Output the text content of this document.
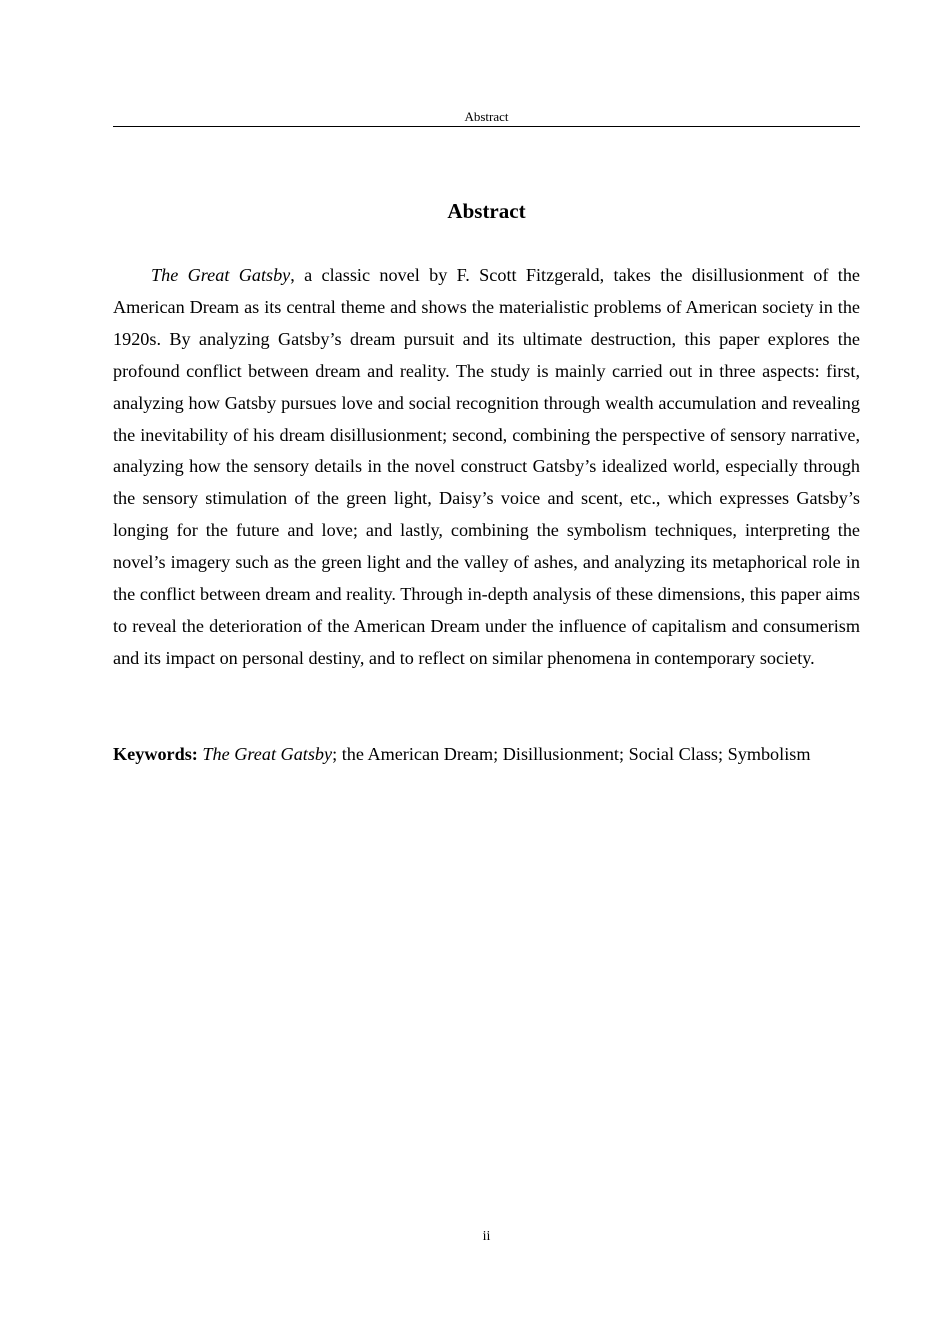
Abstract
Abstract

The Great Gatsby, a classic novel by F. Scott Fitzgerald, takes the disillusionment of the American Dream as its central theme and shows the materialistic problems of American society in the 1920s. By analyzing Gatsby’s dream pursuit and its ultimate destruction, this paper explores the profound conflict between dream and reality. The study is mainly carried out in three aspects: first, analyzing how Gatsby pursues love and social recognition through wealth accumulation and revealing the inevitability of his dream disillusionment; second, combining the perspective of sensory narrative, analyzing how the sensory details in the novel construct Gatsby’s idealized world, especially through the sensory stimulation of the green light, Daisy’s voice and scent, etc., which expresses Gatsby’s longing for the future and love; and lastly, combining the symbolism techniques, interpreting the novel’s imagery such as the green light and the valley of ashes, and analyzing its metaphorical role in the conflict between dream and reality. Through in-depth analysis of these dimensions, this paper aims to reveal the deterioration of the American Dream under the influence of capitalism and consumerism and its impact on personal destiny, and to reflect on similar phenomena in contemporary society.

Keywords: The Great Gatsby; the American Dream; Disillusionment; Social Class; Symbolism

ii
